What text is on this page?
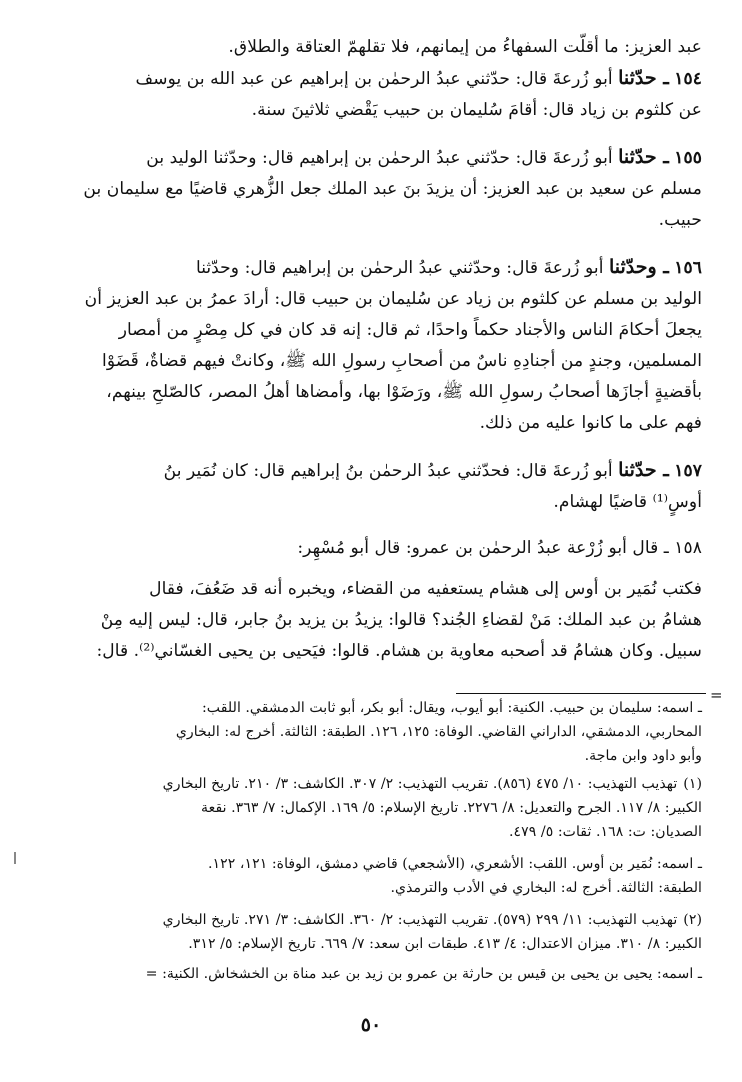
عبد العزيز: ما أقلّت السفهاءُ من إيمانهم، فلا تقلهمّ العتاقة والطلاق.

١٥٤ ـ حدّثنا أبو زُرعةَ قال: حدّثني عبدُ الرحمٰن بن إبراهيم عن عبد الله بن يوسف

عن كلثوم بن زياد قال: أقامَ سُليمان بن حبيب يَقْضي ثلاثينَ سنة.

١٥٥ ـ حدّثنا أبو زُرعةَ قال: حدّثني عبدُ الرحمٰن بن إبراهيم قال: وحدّثنا الوليد بن

مسلم عن سعيد بن عبد العزيز: أن يزيدَ بنَ عبد الملك جعل الزُّهري قاضيًا مع سليمان بن

حبيب.

١٥٦ ـ وحدّثنا أبو زُرعةَ قال: وحدّثني عبدُ الرحمٰن بن إبراهيم قال: وحدّثنا

الوليد بن مسلم عن كلثوم بن زياد عن سُليمان بن حبيب قال: أرادَ عمرُ بن عبد العزيز أن

يجعلَ أحكامَ الناس والأجناد حكماً واحدًا، ثم قال: إنه قد كان في كل مِصْرٍ من أمصار

المسلمين، وجندٍ من أجنادِهِ ناسٌ من أصحابِ رسولِ الله ﷺ، وكانتْ فيهم قضاةٌ، قَضَوْا

بأقضيةٍ أجازَها أصحابُ رسولِ الله ﷺ، ورَضَوْا بها، وأمضاها أهلُ المصر، كالصّلحِ بينهم،

فهم على ما كانوا عليه من ذلك.

١٥٧ ـ حدّثنا أبو زُرعةَ قال: فحدّثني عبدُ الرحمٰن بنُ إبراهيم قال: كان نُمَير بنُ

أوسٍ⁽¹⁾ قاضيًا لهشام.

١٥٨ ـ قال أبو زُرْعة عبدُ الرحمٰن بن عمرو: قال أبو مُسْهِر:

فكتب نُمَير بن أوس إلى هشام يستعفيه من القضاء، ويخبره أنه قد ضَعُفَ، فقال

هشامُ بن عبد الملك: مَنْ لقضاءِ الجُند؟ قالوا: يزيدُ بن يزيد بنُ جابر، قال: ليس إليه مِنْ

سبيل. وكان هشامُ قد أصحبه معاوية بن هشام. قالوا: فيَحيى بن يحيى الغسّاني⁽²⁾. قال:

=

ـ اسمه: سليمان بن حبيب. الكنية: أبو أيوب، ويقال: أبو بكر، أبو ثابت الدمشقي. اللقب:

المحاربي، الدمشقي، الداراني القاضي. الوفاة: ١٢٥، ١٢٦. الطبقة: الثالثة. أخرج له: البخاري

وأبو داود وابن ماجة.

(١)تهذيب التهذيب: ١٠/ ٤٧٥ (٨٥٦). تقريب التهذيب: ٢/ ٣٠٧. الكاشف: ٣/ ٢١٠. تاريخ البخاري

الكبير: ٨/ ١١٧. الجرح والتعديل: ٨/ ٢٢٧٦. تاريخ الإسلام: ٥/ ١٦٩. الإكمال: ٧/ ٣٦٣. نقعة

الصديان: ت: ١٦٨. ثقات: ٥/ ٤٧٩.

ـ اسمه: نُمَير بن أوس. اللقب: الأشعري، (الأشجعي) قاضي دمشق، الوفاة: ١٢١، ١٢٢.

الطبقة: الثالثة. أخرج له: البخاري في الأدب والترمذي.

(٢)تهذيب التهذيب: ١١/ ٢٩٩ (٥٧٩). تقريب التهذيب: ٢/ ٣٦٠. الكاشف: ٣/ ٢٧١. تاريخ البخاري

الكبير: ٨/ ٣١٠. ميزان الاعتدال: ٤/ ٤١٣. طبقات ابن سعد: ٧/ ٦٦٩. تاريخ الإسلام: ٥/ ٣١٢.

ـ اسمه: يحيى بن يحيى بن قيس بن حارثة بن عمرو بن زيد بن عبد مناة بن الخشخاش. الكنية: =

٥٠
